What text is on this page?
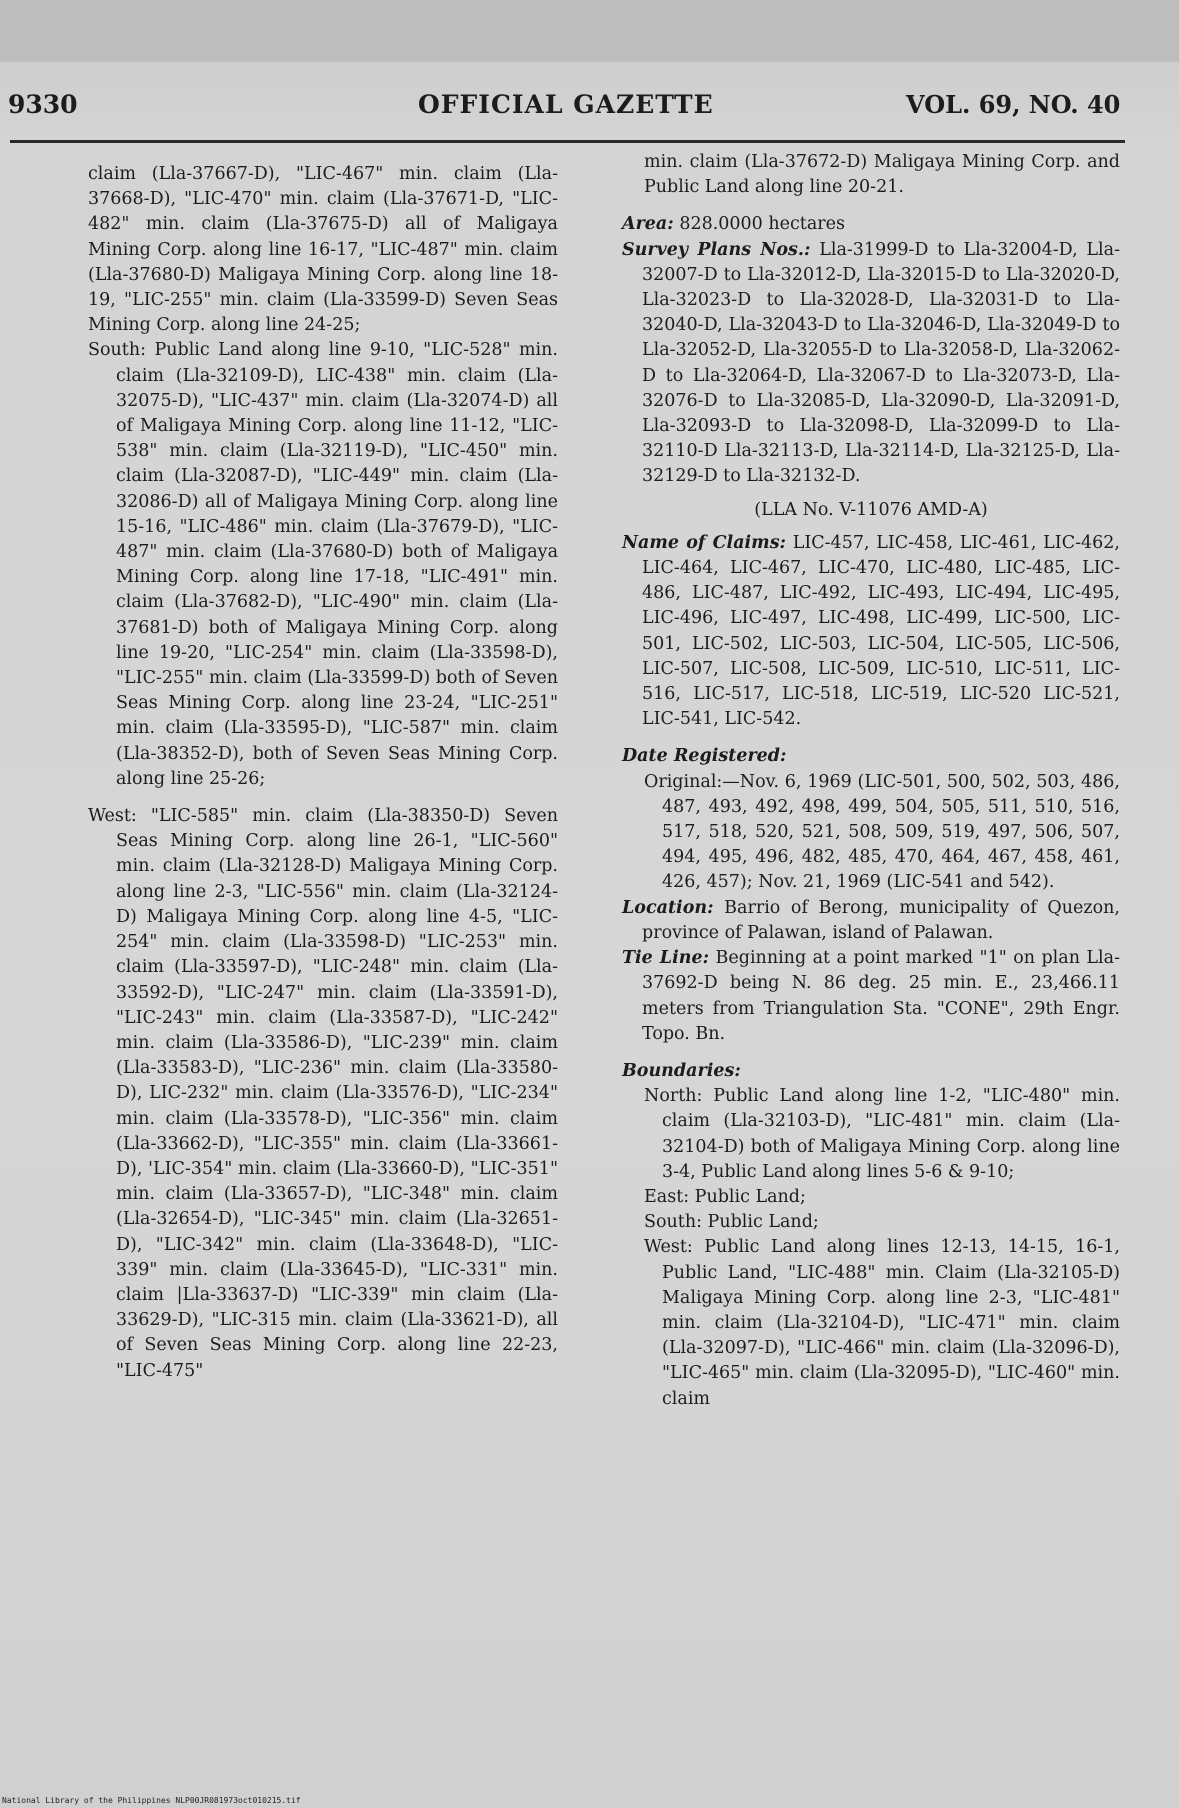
9330	OFFICIAL GAZETTE	VOL. 69, NO. 40

claim (Lla-37667-D), "LIC-467" min. claim (Lla-37668-D), "LIC-470" min. claim (Lla-37671-D, "LIC-482" min. claim (Lla-37675-D) all of Maligaya Mining Corp. along line 16-17, "LIC-487" min. claim (Lla-37680-D) Maligaya Mining Corp. along line 18-19, "LIC-255" min. claim (Lla-33599-D) Seven Seas Mining Corp. along line 24-25;

South: Public Land along line 9-10, "LIC-528" min. claim (Lla-32109-D), LIC-438" min. claim (Lla-32075-D), "LIC-437" min. claim (Lla-32074-D) all of Maligaya Mining Corp. along line 11-12, "LIC-538" min. claim (Lla-32119-D), "LIC-450" min. claim (Lla-32087-D), "LIC-449" min. claim (Lla-32086-D) all of Maligaya Mining Corp. along line 15-16, "LIC-486" min. claim (Lla-37679-D), "LIC-487" min. claim (Lla-37680-D) both of Maligaya Mining Corp. along line 17-18, "LIC-491" min. claim (Lla-37682-D), "LIC-490" min. claim (Lla-37681-D) both of Maligaya Mining Corp. along line 19-20, "LIC-254" min. claim (Lla-33598-D), "LIC-255" min. claim (Lla-33599-D) both of Seven Seas Mining Corp. along line 23-24, "LIC-251" min. claim (Lla-33595-D), "LIC-587" min. claim (Lla-38352-D), both of Seven Seas Mining Corp. along line 25-26;

West: "LIC-585" min. claim (Lla-38350-D) Seven Seas Mining Corp. along line 26-1, "LIC-560" min. claim (Lla-32128-D) Maligaya Mining Corp. along line 2-3, "LIC-556" min. claim (Lla-32124-D) Maligaya Mining Corp. along line 4-5, "LIC-254" min. claim (Lla-33598-D) "LIC-253" min. claim (Lla-33597-D), "LIC-248" min. claim (Lla-33592-D), "LIC-247" min. claim (Lla-33591-D), "LIC-243" min. claim (Lla-33587-D), "LIC-242" min. claim (Lla-33586-D), "LIC-239" min. claim (Lla-33583-D), "LIC-236" min. claim (Lla-33580-D), LIC-232" min. claim (Lla-33576-D), "LIC-234" min. claim (Lla-33578-D), "LIC-356" min. claim (Lla-33662-D), "LIC-355" min. claim (Lla-33661-D), 'LIC-354" min. claim (Lla-33660-D), "LIC-351" min. claim (Lla-33657-D), "LIC-348" min. claim (Lla-32654-D), "LIC-345" min. claim (Lla-32651-D), "LIC-342" min. claim (Lla-33648-D), "LIC-339" min. claim (Lla-33645-D), "LIC-331" min. claim |Lla-33637-D) "LIC-339" min claim (Lla-33629-D), "LIC-315 min. claim (Lla-33621-D), all of Seven Seas Mining Corp. along line 22-23, "LIC-475"

min. claim (Lla-37672-D) Maligaya Mining Corp. and Public Land along line 20-21.

Area: 828.0000 hectares

Survey Plans Nos.: Lla-31999-D to Lla-32004-D, Lla-32007-D to Lla-32012-D, Lla-32015-D to Lla-32020-D, Lla-32023-D to Lla-32028-D, Lla-32031-D to Lla-32040-D, Lla-32043-D to Lla-32046-D, Lla-32049-D to Lla-32052-D, Lla-32055-D to Lla-32058-D, Lla-32062-D to Lla-32064-D, Lla-32067-D to Lla-32073-D, Lla-32076-D to Lla-32085-D, Lla-32090-D, Lla-32091-D, Lla-32093-D to Lla-32098-D, Lla-32099-D to Lla-32110-D Lla-32113-D, Lla-32114-D, Lla-32125-D, Lla-32129-D to Lla-32132-D.

(LLA No. V-11076 AMD-A)

Name of Claims: LIC-457, LIC-458, LIC-461, LIC-462, LIC-464, LIC-467, LIC-470, LIC-480, LIC-485, LIC-486, LIC-487, LIC-492, LIC-493, LIC-494, LIC-495, LIC-496, LIC-497, LIC-498, LIC-499, LIC-500, LIC-501, LIC-502, LIC-503, LIC-504, LIC-505, LIC-506, LIC-507, LIC-508, LIC-509, LIC-510, LIC-511, LIC-516, LIC-517, LIC-518, LIC-519, LIC-520 LIC-521, LIC-541, LIC-542.

Date Registered:

Original:—Nov. 6, 1969 (LIC-501, 500, 502, 503, 486, 487, 493, 492, 498, 499, 504, 505, 511, 510, 516, 517, 518, 520, 521, 508, 509, 519, 497, 506, 507, 494, 495, 496, 482, 485, 470, 464, 467, 458, 461, 426, 457); Nov. 21, 1969 (LIC-541 and 542).

Location: Barrio of Berong, municipality of Quezon, province of Palawan, island of Palawan.

Tie Line: Beginning at a point marked "1" on plan Lla-37692-D being N. 86 deg. 25 min. E., 23,466.11 meters from Triangulation Sta. "CONE", 29th Engr. Topo. Bn.

Boundaries:

North: Public Land along line 1-2, "LIC-480" min. claim (Lla-32103-D), "LIC-481" min. claim (Lla-32104-D) both of Maligaya Mining Corp. along line 3-4, Public Land along lines 5-6 & 9-10;

East: Public Land;

South: Public Land;

West: Public Land along lines 12-13, 14-15, 16-1, Public Land, "LIC-488" min. Claim (Lla-32105-D) Maligaya Mining Corp. along line 2-3, "LIC-481" min. claim (Lla-32104-D), "LIC-471" min. claim (Lla-32097-D), "LIC-466" min. claim (Lla-32096-D), "LIC-465" min. claim (Lla-32095-D), "LIC-460" min. claim

National Library of the Philippines NLP00JR081973oct010215.tif
